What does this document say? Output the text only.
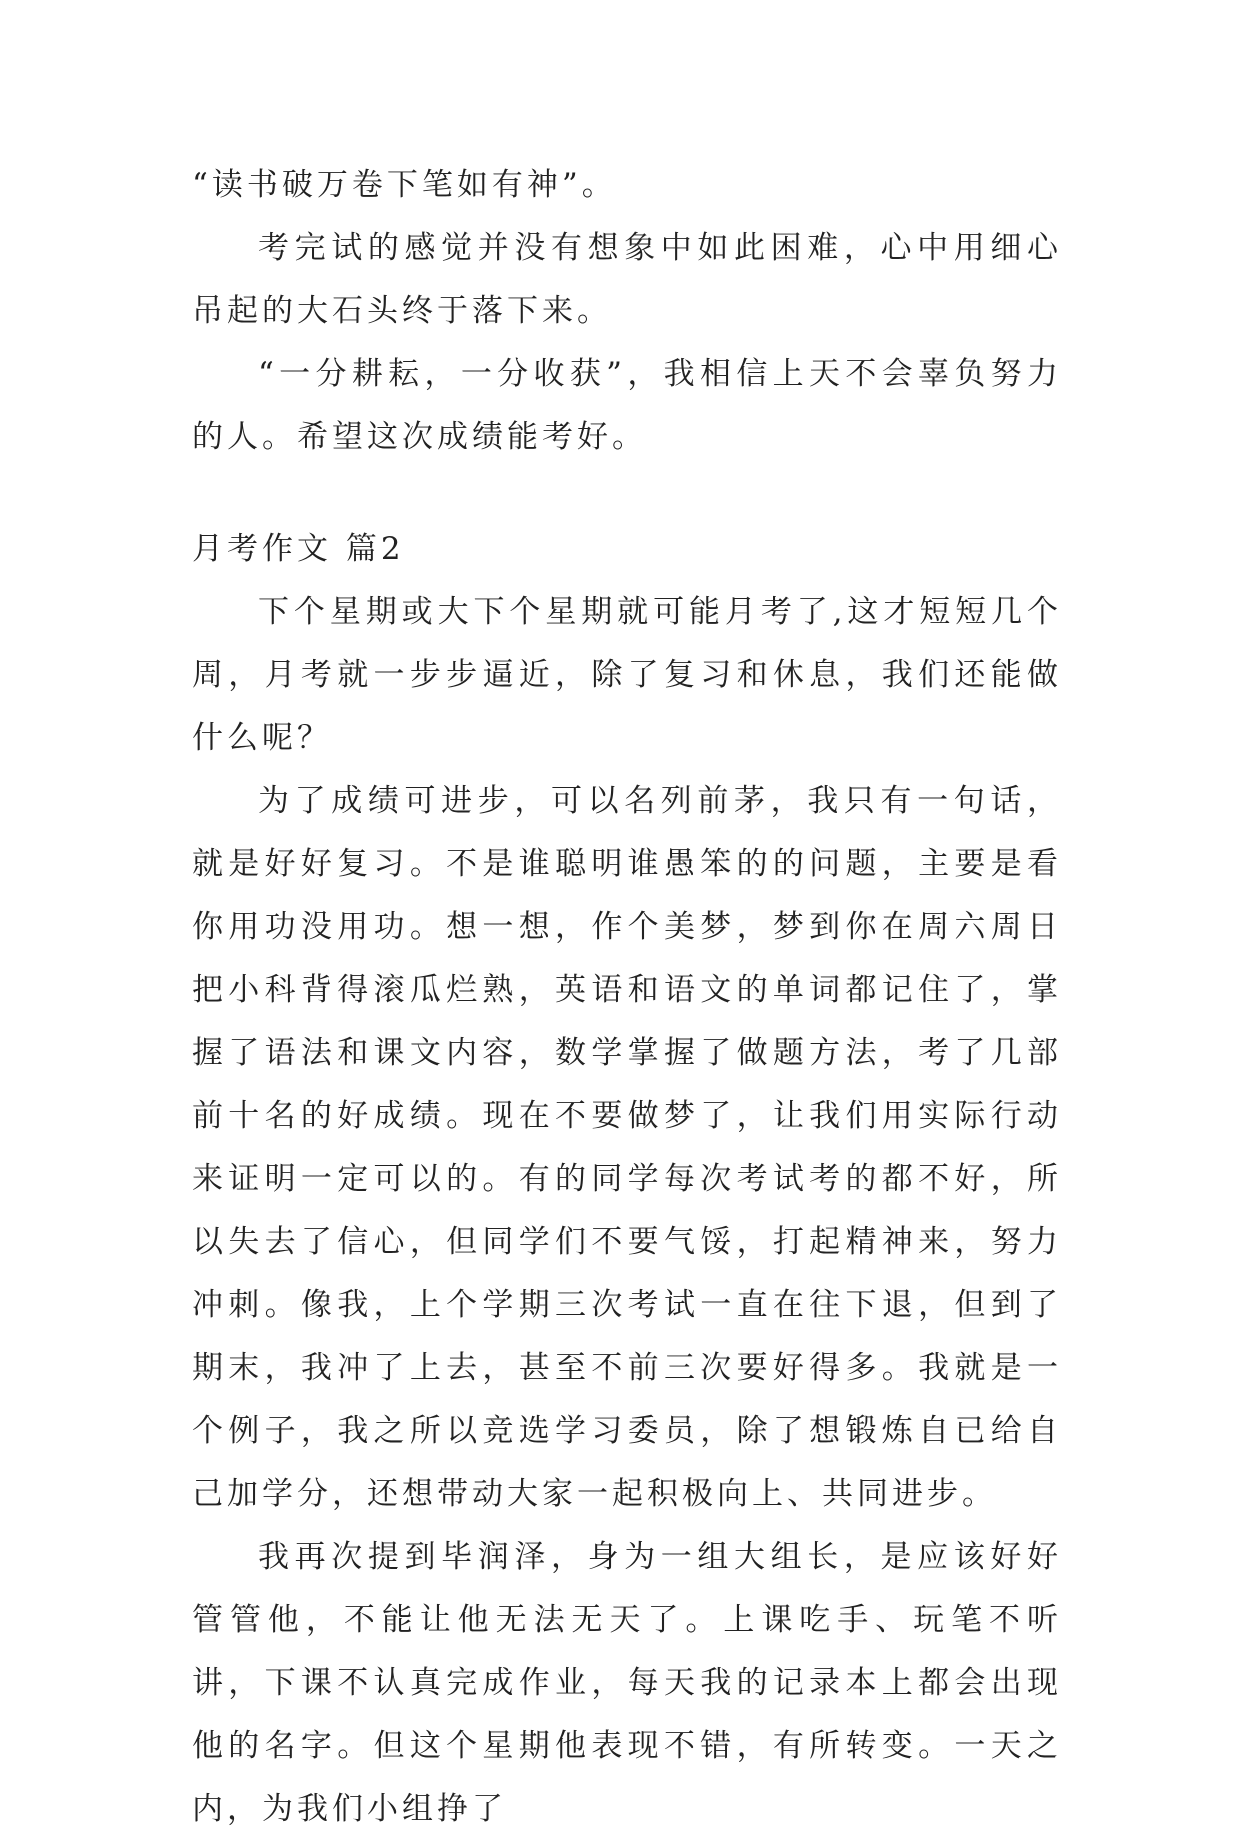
“读书破万卷下笔如有神”。

考完试的感觉并没有想象中如此困难，心中用细心吊起的大石头终于落下来。

“一分耕耘，一分收获”，我相信上天不会辜负努力的人。希望这次成绩能考好。

月考作文 篇2

下个星期或大下个星期就可能月考了,这才短短几个周，月考就一步步逼近，除了复习和休息，我们还能做什么呢？

为了成绩可进步，可以名列前茅，我只有一句话，就是好好复习。不是谁聪明谁愚笨的的问题，主要是看你用功没用功。想一想，作个美梦，梦到你在周六周日把小科背得滚瓜烂熟，英语和语文的单词都记住了，掌握了语法和课文内容，数学掌握了做题方法，考了几部前十名的好成绩。现在不要做梦了，让我们用实际行动来证明一定可以的。有的同学每次考试考的都不好，所以失去了信心，但同学们不要气馁，打起精神来，努力冲刺。像我，上个学期三次考试一直在往下退，但到了期末，我冲了上去，甚至不前三次要好得多。我就是一个例子，我之所以竞选学习委员，除了想锻炼自已给自己加学分，还想带动大家一起积极向上、共同进步。

我再次提到毕润泽，身为一组大组长，是应该好好管管他，不能让他无法无天了。上课吃手、玩笔不听讲，下课不认真完成作业，每天我的记录本上都会出现他的名字。但这个星期他表现不错，有所转变。一天之内，为我们小组挣了
